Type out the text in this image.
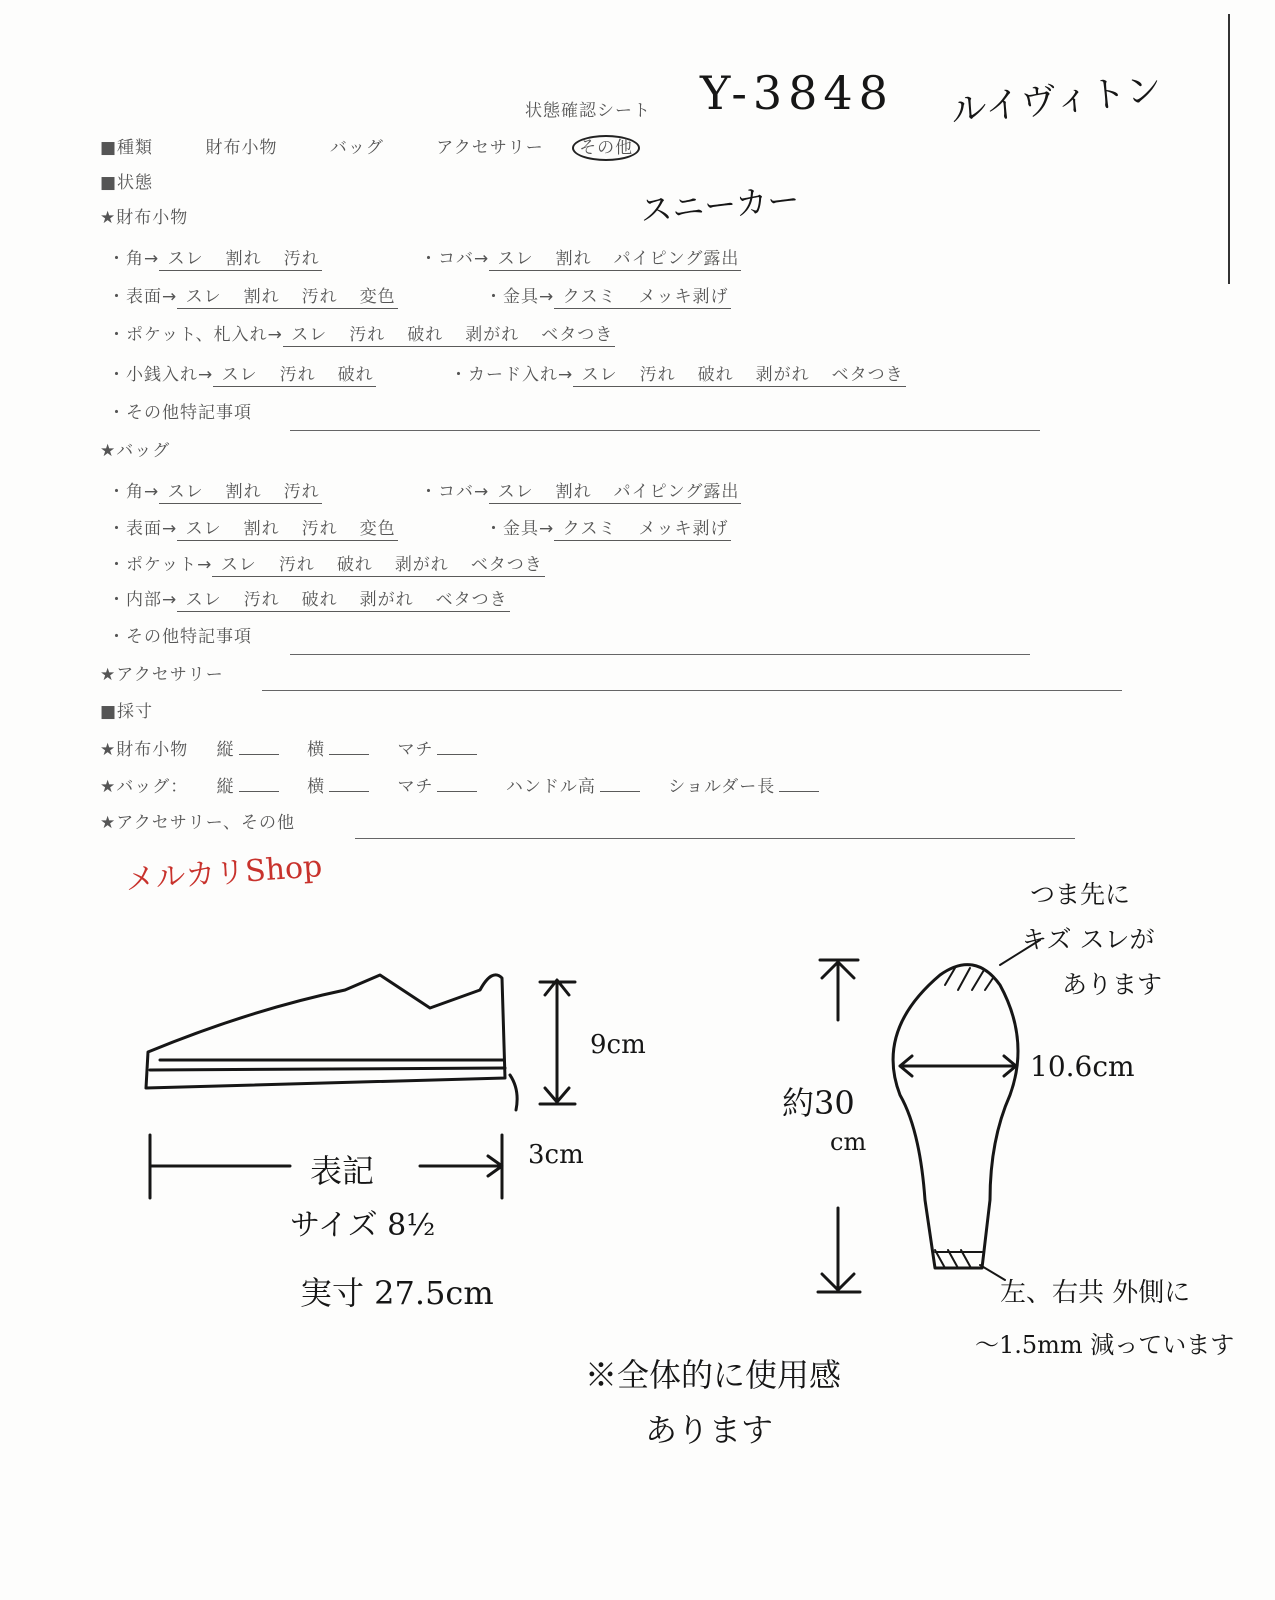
状態確認シート Y-3848 ルイヴィトン
■種類	財布小物	バッグ	アクセサリー その他
■状態	スニーカー
★財布小物
・角→ スレ 割れ 汚れ	・コバ→ スレ 割れ パイピング露出
・表面→ スレ 割れ 汚れ 変色	・金具→ クスミ メッキ剥げ
・ポケット、札入れ→ スレ 汚れ 破れ 剥がれ ベタつき
・小銭入れ→ スレ 汚れ 破れ	・カード入れ→ スレ 汚れ 破れ 剥がれ ベタつき
・その他特記事項
★バッグ
・角→ スレ 割れ 汚れ	・コバ→ スレ 割れ パイピング露出
・表面→ スレ 割れ 汚れ 変色	・金具→ クスミ メッキ剥げ
・ポケット→ スレ 汚れ 破れ 剥がれ ベタつき
・内部→ スレ 汚れ 破れ 剥がれ ベタつき
・その他特記事項
★アクセサリー
■採寸
★財布小物 縦	横	マチ
★バッグ： 縦	横	マチ	ハンドル高	ショルダー長
★アクセサリー、その他
メルカリShop
9cm
3cm
表記
サイズ 8½
実寸 27.5cm
約30
cm
10.6cm
つま先に
キズ スレが
あります
左、右共 外側に
〜1.5mm 減っています
※全体的に使用感
あります
